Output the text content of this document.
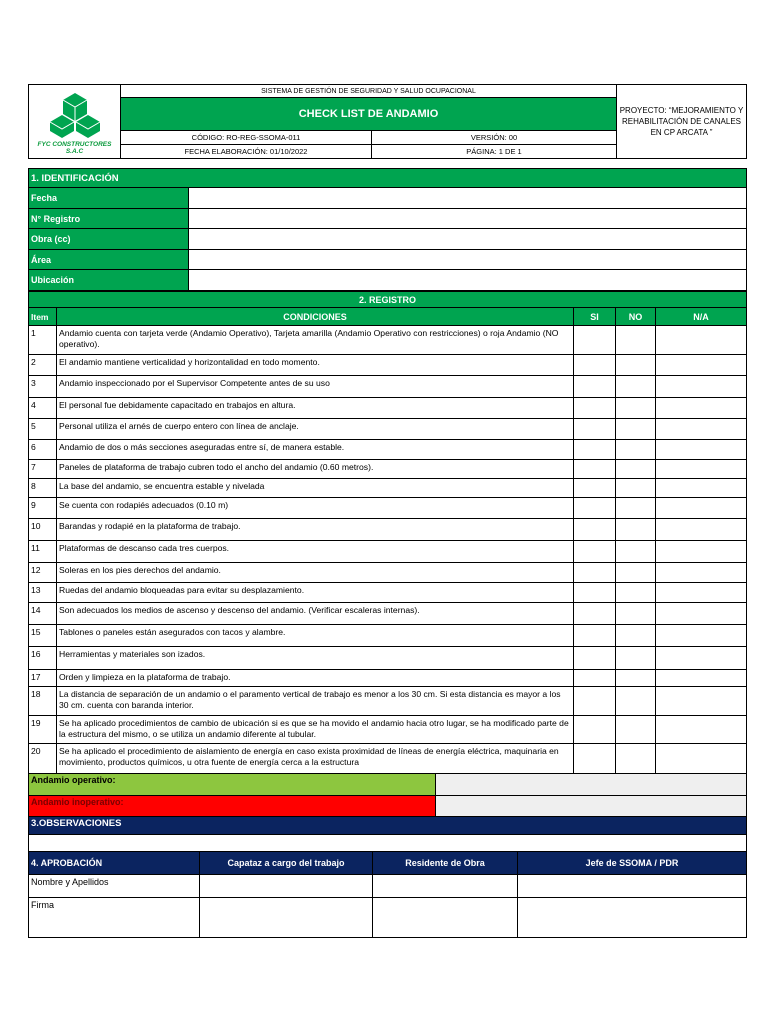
FYC CONSTRUCTORES S.A.C	SISTEMA DE GESTIÓN DE SEGURIDAD Y SALUD OCUPACIONAL		PROYECTO: “MEJORAMIENTO Y REHABILITACIÓN DE CANALES EN CP ARCATA ”
	CHECK LIST DE ANDAMIO		
	CÓDIGO: RO-REG-SSOMA-011	VERSIÓN: 00	
	FECHA ELABORACIÓN: 01/10/2022	PÁGINA: 1 DE 1	
1. IDENTIFICACIÓN	
Fecha	
N° Registro	
Obra (cc)	
Área	
Ubicación	
2. REGISTRO				
Item	CONDICIONES	SI	NO	N/A
1	Andamio cuenta con tarjeta verde (Andamio Operativo), Tarjeta amarilla (Andamio Operativo con restricciones) o roja Andamio (NO operativo).			
2	El andamio mantiene verticalidad y horizontalidad en todo momento.			
3	Andamio inspeccionado por el Supervisor Competente antes de su uso			
4	El personal fue debidamente capacitado en trabajos en altura.			
5	Personal utiliza el arnés de cuerpo entero con línea de anclaje.			
6	Andamio de dos o más secciones aseguradas entre sí, de manera estable.			
7	Paneles de plataforma de trabajo cubren todo el ancho del andamio (0.60 metros).			
8	La base del andamio, se encuentra estable y nivelada			
9	Se cuenta con rodapiés adecuados (0.10 m)			
10	Barandas y rodapié en la plataforma de trabajo.			
11	Plataformas de descanso cada tres cuerpos.			
12	Soleras en los pies derechos del andamio.			
13	Ruedas del andamio bloqueadas para evitar su desplazamiento.			
14	Son adecuados los medios de ascenso y descenso del andamio. (Verificar escaleras internas).			
15	Tablones o paneles están asegurados con tacos y alambre.			
16	Herramientas y materiales son izados.			
17	Orden y limpieza en la plataforma de trabajo.			
18	La distancia de separación de un andamio o el paramento vertical de trabajo es menor a los 30 cm. Si esta distancia es mayor a los 30 cm. cuenta con baranda interior.			
19	Se ha aplicado procedimientos de cambio de ubicación si es que se ha movido el andamio hacia otro lugar, se ha modificado parte de la estructura del mismo, o se utiliza un andamio diferente al tubular.			
20	Se ha aplicado el procedimiento de aislamiento de energía en caso exista proximidad de líneas de energía eléctrica, maquinaria en movimiento, productos químicos, u otra fuente de energía cerca a la estructura			
Andamio operativo:	
Andamio inoperativo:	
3.OBSERVACIONES

4. APROBACIÓN	Capataz a cargo del trabajo	Residente de Obra	Jefe de SSOMA / PDR
Nombre y Apellidos			
Firma			
